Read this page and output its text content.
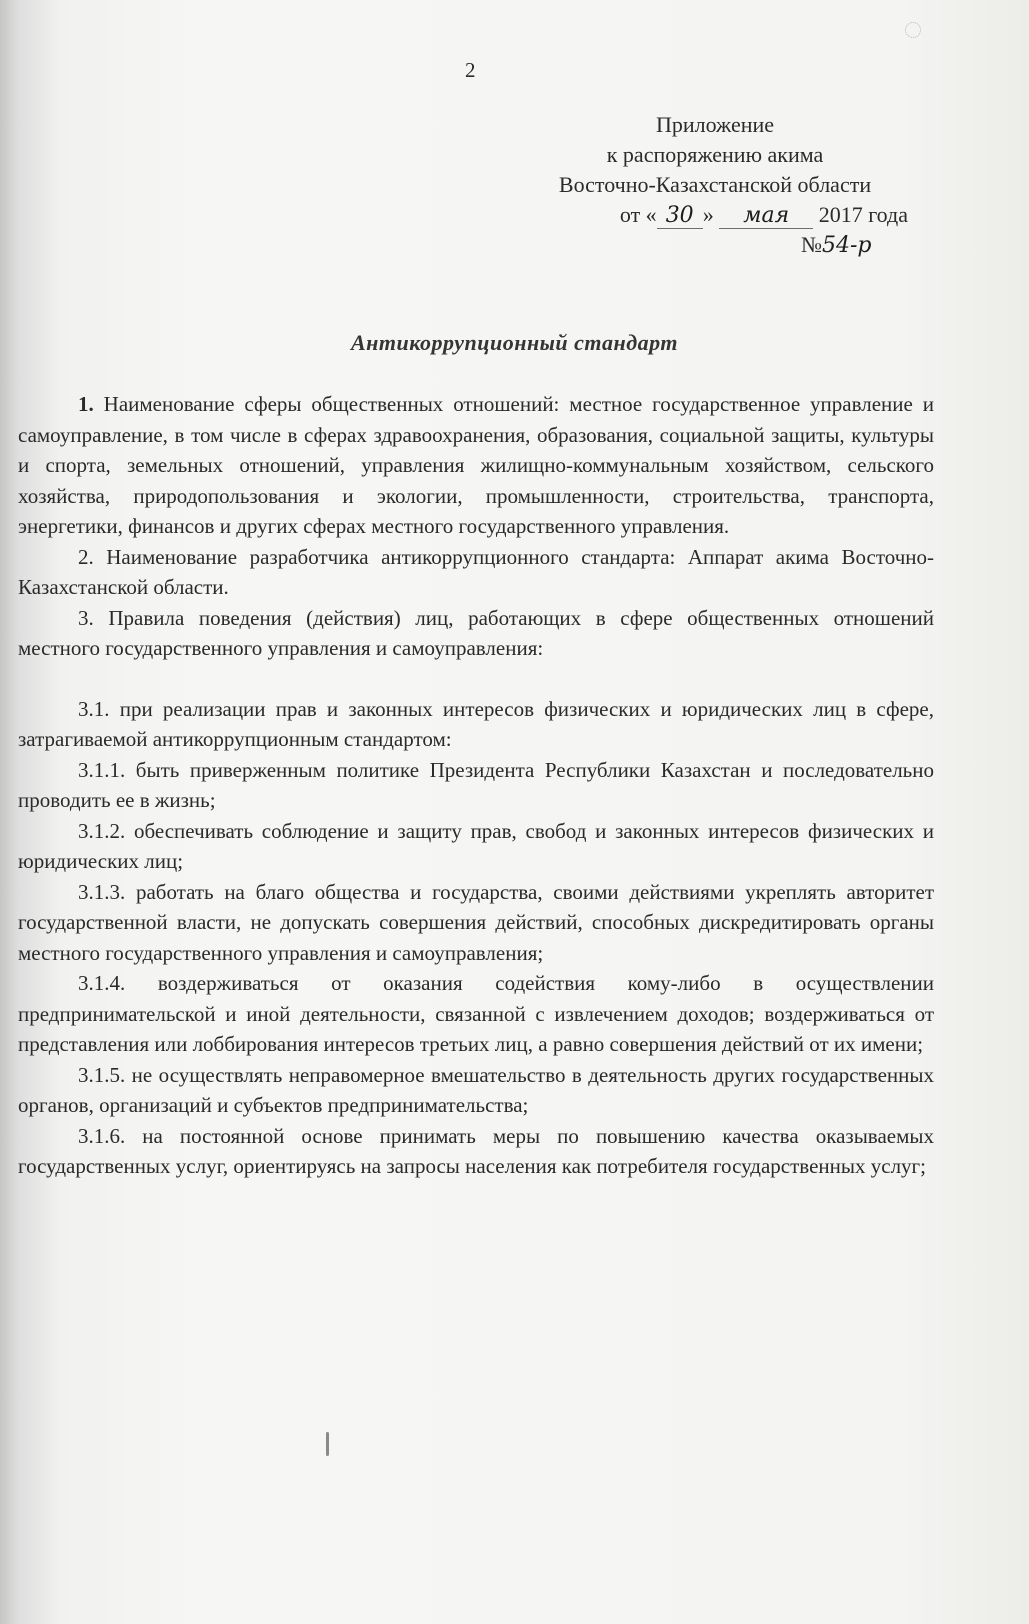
2
Приложение
к распоряжению акима
Восточно-Казахстанской области
от « 30 » мая 2017 года
№54-р
Антикоррупционный стандарт

1. Наименование сферы общественных отношений: местное государственное управление и самоуправление, в том числе в сферах здравоохранения, образования, социальной защиты, культуры и спорта, земельных отношений, управления жилищно-коммунальным хозяйством, сельского хозяйства, природопользования и экологии, промышленности, строительства, транспорта, энергетики, финансов и других сферах местного государственного управления.

2. Наименование разработчика антикоррупционного стандарта: Аппарат акима Восточно-Казахстанской области.

3. Правила поведения (действия) лиц, работающих в сфере общественных отношений местного государственного управления и самоуправления:

3.1. при реализации прав и законных интересов физических и юридических лиц в сфере, затрагиваемой антикоррупционным стандартом:

3.1.1. быть приверженным политике Президента Республики Казахстан и последовательно проводить ее в жизнь;

3.1.2. обеспечивать соблюдение и защиту прав, свобод и законных интересов физических и юридических лиц;

3.1.3. работать на благо общества и государства, своими действиями укреплять авторитет государственной власти, не допускать совершения действий, способных дискредитировать органы местного государственного управления и самоуправления;

3.1.4. воздерживаться от оказания содействия кому-либо в осуществлении предпринимательской и иной деятельности, связанной с извлечением доходов; воздерживаться от представления или лоббирования интересов третьих лиц, а равно совершения действий от их имени;

3.1.5. не осуществлять неправомерное вмешательство в деятельность других государственных органов, организаций и субъектов предпринимательства;

3.1.6. на постоянной основе принимать меры по повышению качества оказываемых государственных услуг, ориентируясь на запросы населения как потребителя государственных услуг;
